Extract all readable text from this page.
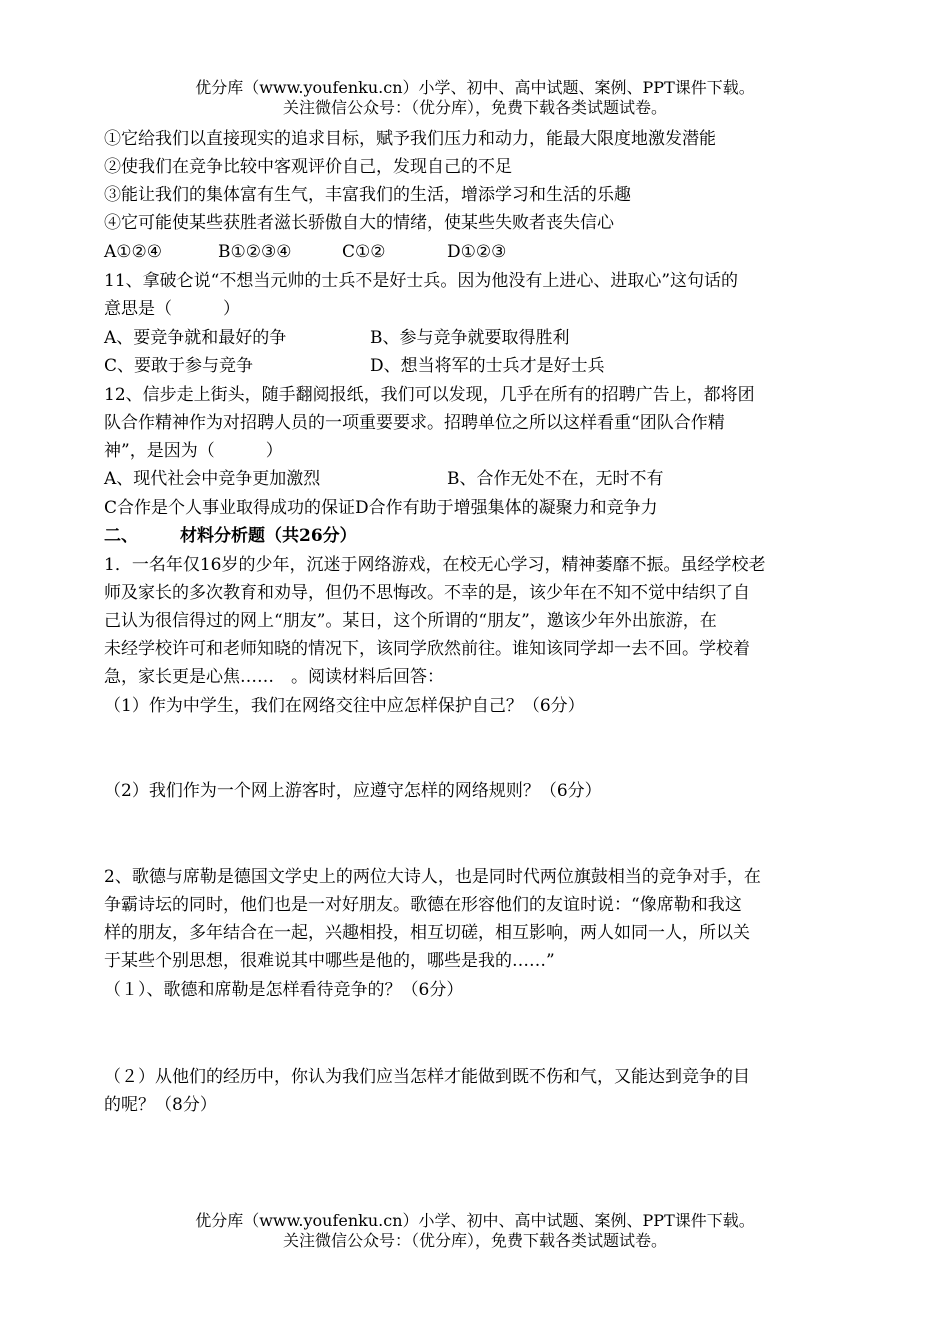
优分库（www.youfenku.cn）小学、初中、高中试题、案例、PPT课件下载。
关注微信公众号：（优分库），免费下载各类试题试卷。
①它给我们以直接现实的追求目标，赋予我们压力和动力，能最大限度地激发潜能
②使我们在竞争比较中客观评价自己，发现自己的不足
③能让我们的集体富有生气，丰富我们的生活，增添学习和生活的乐趣
④它可能使某些获胜者滋长骄傲自大的情绪，使某些失败者丧失信心
A①②④	B①②③④	C①②	D①②③
11、拿破仑说“不想当元帅的士兵不是好士兵。因为他没有上进心、进取心”这句话的
意思是（　　　）
A、要竞争就和最好的争	B、参与竞争就要取得胜利
C、要敢于参与竞争	D、想当将军的士兵才是好士兵
12、信步走上街头，随手翻阅报纸，我们可以发现，几乎在所有的招聘广告上，都将团
队合作精神作为对招聘人员的一项重要要求。招聘单位之所以这样看重“团队合作精
神”，是因为（　　　）
A、现代社会中竞争更加激烈	B、合作无处不在，无时不有
C合作是个人事业取得成功的保证D合作有助于增强集体的凝聚力和竞争力
二、 材料分析题（共26分）
1．一名年仅16岁的少年，沉迷于网络游戏，在校无心学习，精神萎靡不振。虽经学校老
师及家长的多次教育和劝导，但仍不思悔改。不幸的是，该少年在不知不觉中结织了自
己认为很信得过的网上“朋友”。某日，这个所谓的“朋友”，邀该少年外出旅游，在
未经学校许可和老师知晓的情况下，该同学欣然前往。谁知该同学却一去不回。学校着
急，家长更是心焦……　。阅读材料后回答：
（1）作为中学生，我们在网络交往中应怎样保护自己？（6分）
（2）我们作为一个网上游客时，应遵守怎样的网络规则？（6分）
2、歌德与席勒是德国文学史上的两位大诗人，也是同时代两位旗鼓相当的竞争对手，在
争霸诗坛的同时，他们也是一对好朋友。歌德在形容他们的友谊时说：“像席勒和我这
样的朋友，多年结合在一起，兴趣相投，相互切磋，相互影响，两人如同一人，所以关
于某些个别思想，很难说其中哪些是他的，哪些是我的……”
（１）、歌德和席勒是怎样看待竞争的？（6分）
（２）从他们的经历中，你认为我们应当怎样才能做到既不伤和气，又能达到竞争的目
的呢？（8分）
优分库（www.youfenku.cn）小学、初中、高中试题、案例、PPT课件下载。
关注微信公众号：（优分库），免费下载各类试题试卷。
